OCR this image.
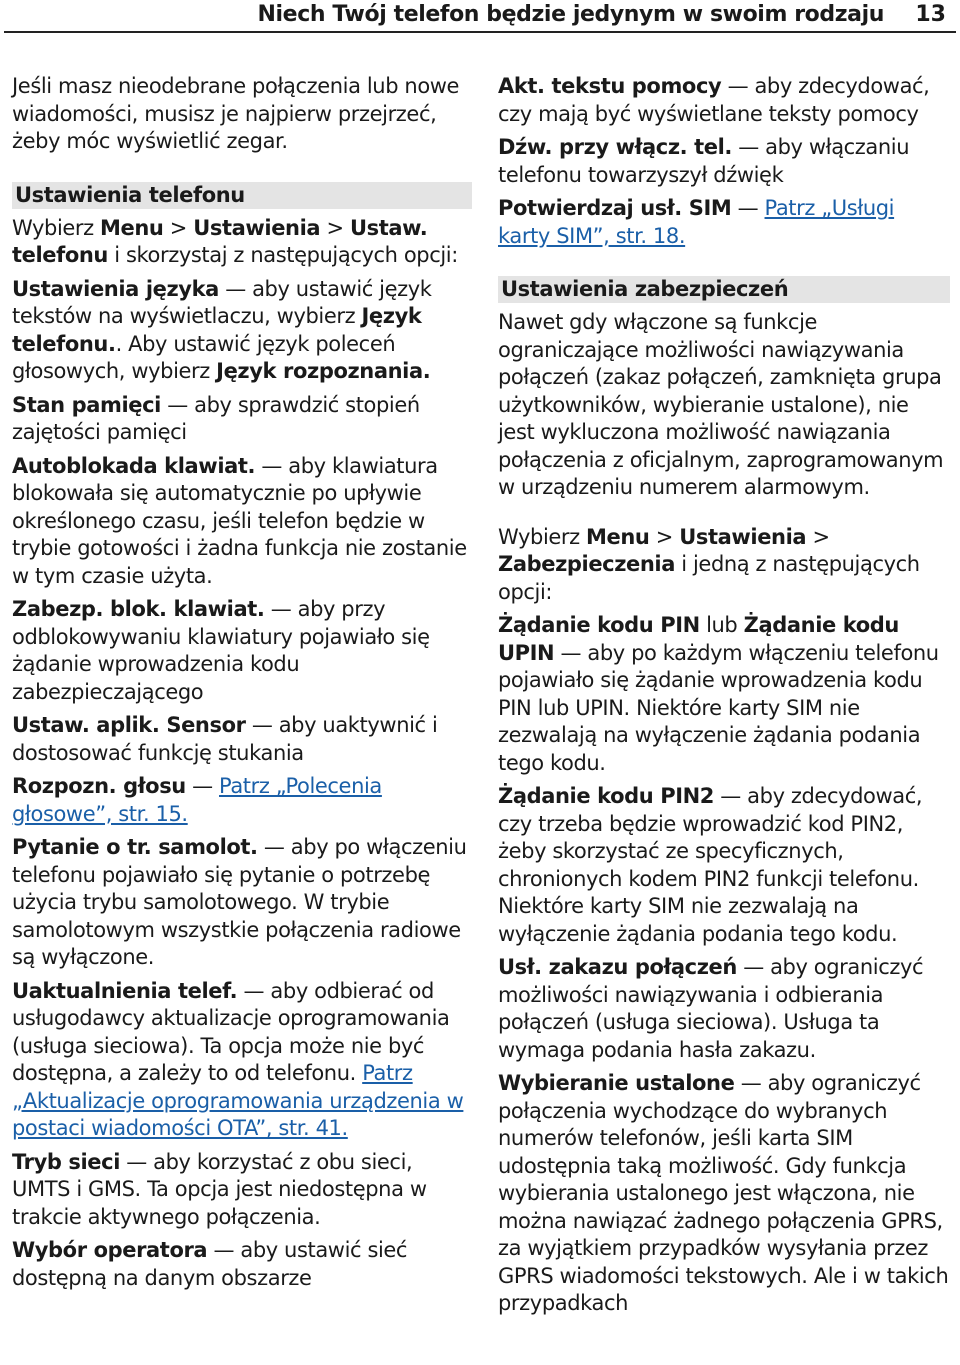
Niech Twój telefon będzie jedynym w swoim rodzaju 13

Jeśli masz nieodebrane połączenia lub nowe wiadomości, musisz je najpierw przejrzeć, żeby móc wyświetlić zegar.

Ustawienia telefonu

Wybierz Menu > Ustawienia > Ustaw. telefonu i skorzystaj z następujących opcji:

Ustawienia języka — aby ustawić język tekstów na wyświetlaczu, wybierz Język telefonu.. Aby ustawić język poleceń głosowych, wybierz Język rozpoznania.

Stan pamięci — aby sprawdzić stopień zajętości pamięci

Autoblokada klawiat. — aby klawiatura blokowała się automatycznie po upływie określonego czasu, jeśli telefon będzie w trybie gotowości i żadna funkcja nie zostanie w tym czasie użyta.

Zabezp. blok. klawiat. — aby przy odblokowywaniu klawiatury pojawiało się żądanie wprowadzenia kodu zabezpieczającego

Ustaw. aplik. Sensor — aby uaktywnić i dostosować funkcję stukania

Rozpozn. głosu — Patrz „Polecenia głosowe”, str. 15.

Pytanie o tr. samolot. — aby po włączeniu telefonu pojawiało się pytanie o potrzebę użycia trybu samolotowego. W trybie samolotowym wszystkie połączenia radiowe są wyłączone.

Uaktualnienia telef. — aby odbierać od usługodawcy aktualizacje oprogramowania (usługa sieciowa). Ta opcja może nie być dostępna, a zależy to od telefonu. Patrz „Aktualizacje oprogramowania urządzenia w postaci wiadomości OTA”, str. 41.

Tryb sieci — aby korzystać z obu sieci, UMTS i GMS. Ta opcja jest niedostępna w trakcie aktywnego połączenia.

Wybór operatora — aby ustawić sieć dostępną na danym obszarze

Akt. tekstu pomocy — aby zdecydować, czy mają być wyświetlane teksty pomocy

Dźw. przy włącz. tel. — aby włączaniu telefonu towarzyszył dźwięk

Potwierdzaj usł. SIM — Patrz „Usługi karty SIM”, str. 18.

Ustawienia zabezpieczeń

Nawet gdy włączone są funkcje ograniczające możliwości nawiązywania połączeń (zakaz połączeń, zamknięta grupa użytkowników, wybieranie ustalone), nie jest wykluczona możliwość nawiązania połączenia z oficjalnym, zaprogramowanym w urządzeniu numerem alarmowym.

Wybierz Menu > Ustawienia > Zabezpieczenia i jedną z następujących opcji:

Żądanie kodu PIN lub Żądanie kodu UPIN — aby po każdym włączeniu telefonu pojawiało się żądanie wprowadzenia kodu PIN lub UPIN. Niektóre karty SIM nie zezwalają na wyłączenie żądania podania tego kodu.

Żądanie kodu PIN2 — aby zdecydować, czy trzeba będzie wprowadzić kod PIN2, żeby skorzystać ze specyficznych, chronionych kodem PIN2 funkcji telefonu. Niektóre karty SIM nie zezwalają na wyłączenie żądania podania tego kodu.

Usł. zakazu połączeń — aby ograniczyć możliwości nawiązywania i odbierania połączeń (usługa sieciowa). Usługa ta wymaga podania hasła zakazu.

Wybieranie ustalone — aby ograniczyć połączenia wychodzące do wybranych numerów telefonów, jeśli karta SIM udostępnia taką możliwość. Gdy funkcja wybierania ustalonego jest włączona, nie można nawiązać żadnego połączenia GPRS, za wyjątkiem przypadków wysyłania przez GPRS wiadomości tekstowych. Ale i w takich przypadkach
